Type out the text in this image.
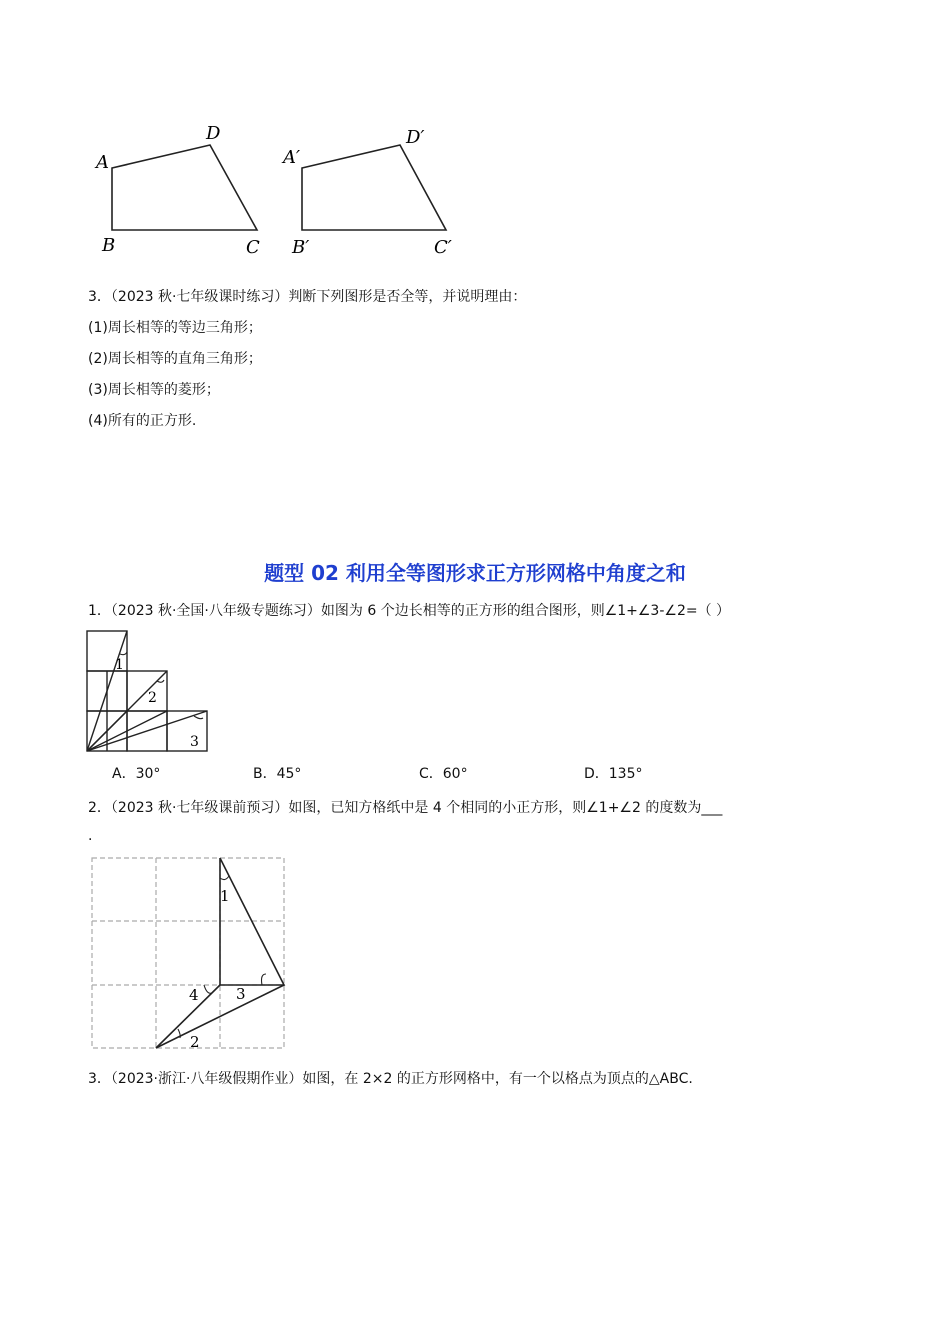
A
B	C
D
A′
B′	C′
D′
3．（2023 秋·七年级课时练习）判断下列图形是否全等，并说明理由：
(1)周长相等的等边三角形；
(2)周长相等的直角三角形；
(3)周长相等的菱形；
(4)所有的正方形.
题型 02 利用全等图形求正方形网格中角度之和
1．（2023 秋·全国·八年级专题练习）如图为 6 个边长相等的正方形的组合图形，则∠1+∠3-∠2=（ ）
1
2
3
A．30°	B．45°	C．60°	D．135°
2．（2023 秋·七年级课前预习）如图，已知方格纸中是 4 个相同的小正方形，则∠1+∠2 的度数为___
.
1
2
3
4
3．（2023·浙江·八年级假期作业）如图，在 2×2 的正方形网格中，有一个以格点为顶点的△ABC.
